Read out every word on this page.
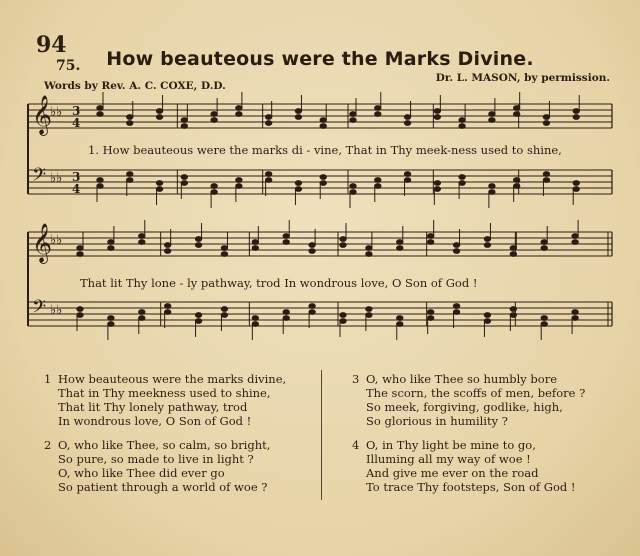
94
75.	How beauteous were the Marks Divine.
Words by Rev. A. C. COXE, D.D.
Dr. L. MASON, by permission.
𝄞
♭♭ 3
4
𝄢 ♭♭ 3
4
𝄞
♭♭
𝄢 ♭♭
1. How beauteous were the marks di - vine, That in Thy meek-ness used to shine,
That lit Thy lone - ly pathway, trod In wondrous love, O Son of God !
1 How beauteous were the marks divine,
That in Thy meekness used to shine,
That lit Thy lonely pathway, trod
In wondrous love, O Son of God !
2 O, who like Thee, so calm, so bright,
So pure, so made to live in light ?
O, who like Thee did ever go
So patient through a world of woe ?
3 O, who like Thee so humbly bore
The scorn, the scoffs of men, before ?
So meek, forgiving, godlike, high,
So glorious in humility ?
4 O, in Thy light be mine to go,
Illuming all my way of woe !
And give me ever on the road
To trace Thy footsteps, Son of God !
